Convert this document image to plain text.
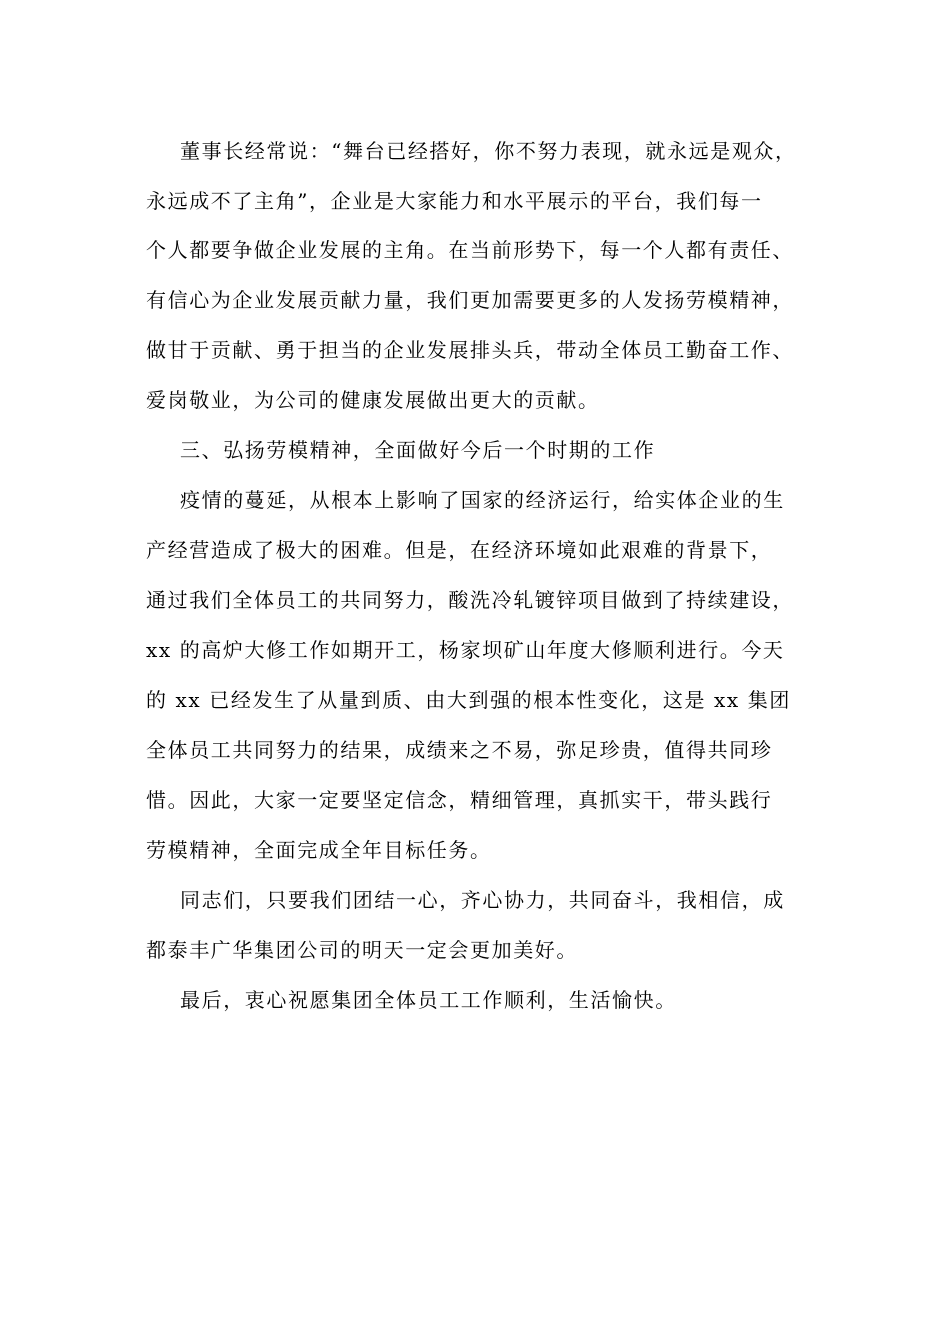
董事长经常说：“舞台已经搭好，你不努力表现，就永远是观众，
永远成不了主角”，企业是大家能力和水平展示的平台，我们每一
个人都要争做企业发展的主角。在当前形势下，每一个人都有责任、
有信心为企业发展贡献力量，我们更加需要更多的人发扬劳模精神，
做甘于贡献、勇于担当的企业发展排头兵，带动全体员工勤奋工作、
爱岗敬业，为公司的健康发展做出更大的贡献。
三、弘扬劳模精神，全面做好今后一个时期的工作
疫情的蔓延，从根本上影响了国家的经济运行，给实体企业的生
产经营造成了极大的困难。但是，在经济环境如此艰难的背景下，
通过我们全体员工的共同努力，酸洗冷轧镀锌项目做到了持续建设，
xx 的高炉大修工作如期开工，杨家坝矿山年度大修顺利进行。今天
的 xx 已经发生了从量到质、由大到强的根本性变化，这是 xx 集团
全体员工共同努力的结果，成绩来之不易，弥足珍贵，值得共同珍
惜。因此，大家一定要坚定信念，精细管理，真抓实干，带头践行
劳模精神，全面完成全年目标任务。
同志们，只要我们团结一心，齐心协力，共同奋斗，我相信，成
都泰丰广华集团公司的明天一定会更加美好。
最后，衷心祝愿集团全体员工工作顺利，生活愉快。
